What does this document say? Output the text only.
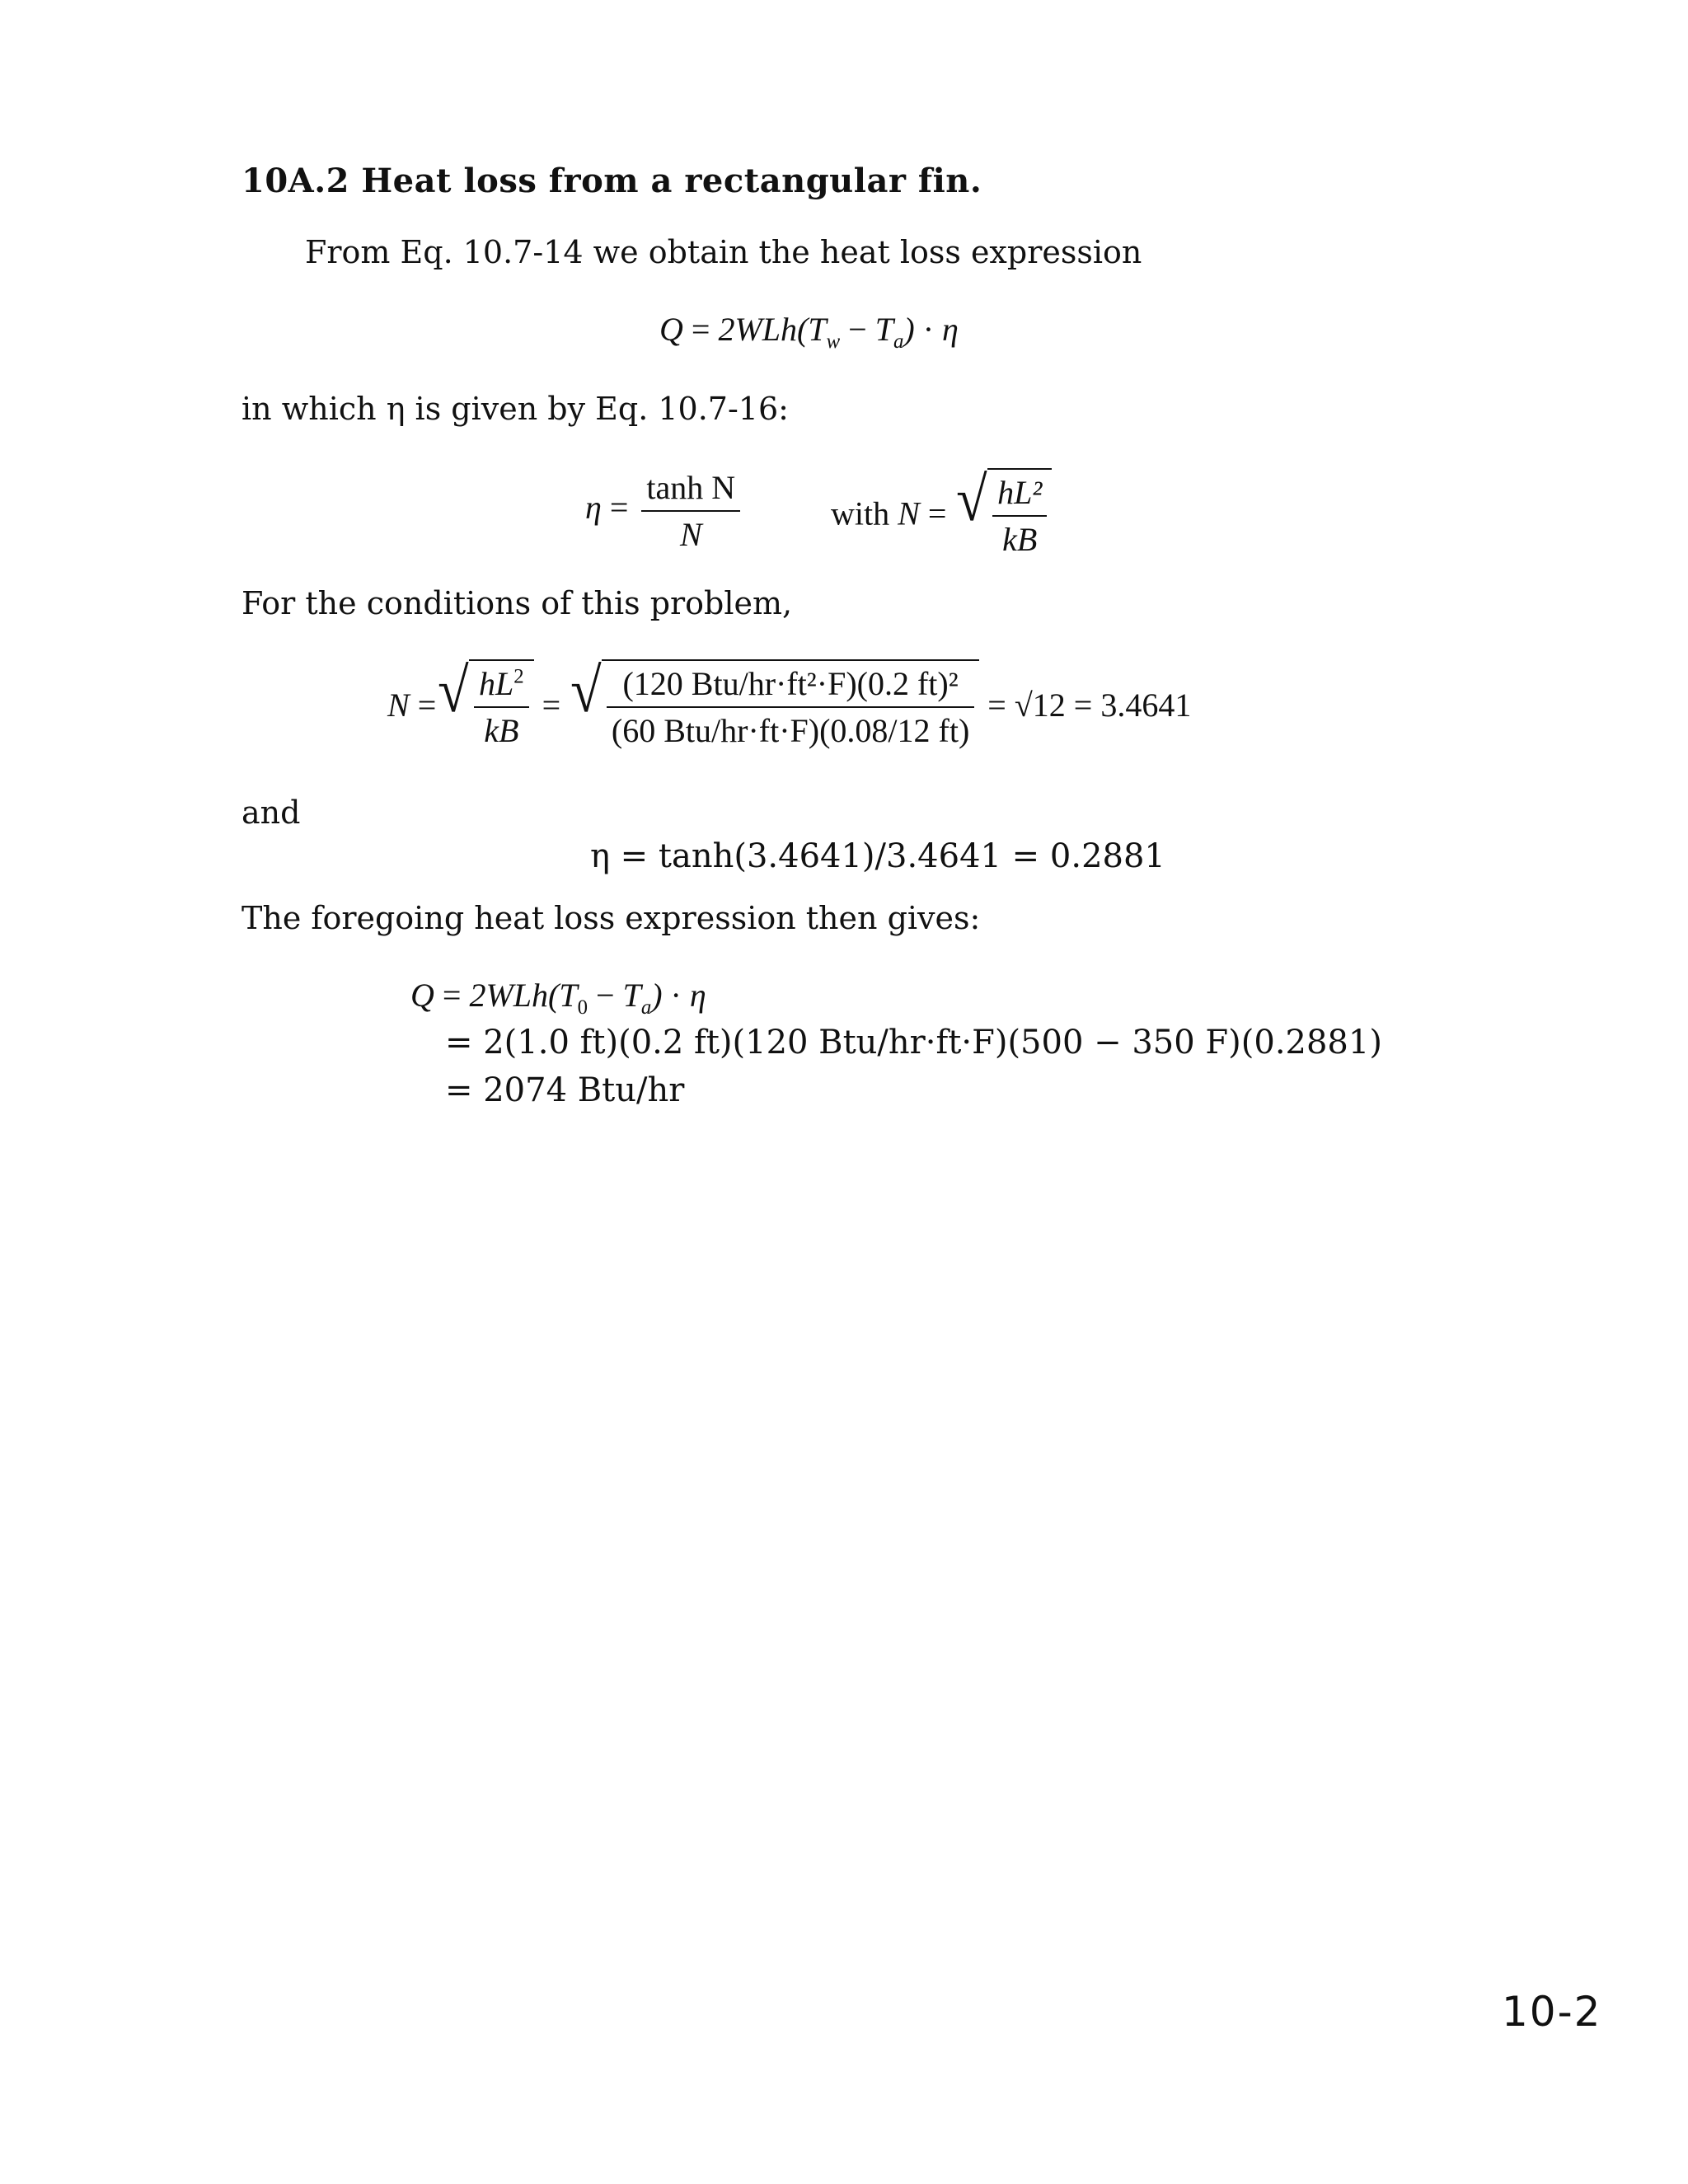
10A.2 Heat loss from a rectangular fin.
From Eq. 10.7-14 we obtain the heat loss expression
$Q = 2WLh(T_w - T_a) \cdot \eta$
in which η is given by Eq. 10.7-16:
$\eta = \frac{\text{tanh N}}{N}$	with N = √ $\frac{\text{hL²}}{kB}$
For the conditions of this problem,
N = √ $\frac{hL^2}{kB}$ = √ $\frac{\text{(120 Btu/hr·ft²·F)(0.2 ft)²}}{\text{(60 Btu/hr·ft·F)(0.08/12 ft)}} = √12 = 3.4641$
and
η = tanh(3.4641)/3.4641 = 0.2881
The foregoing heat loss expression then gives:
$Q = 2WLh(T_0 - T_a) \cdot \eta$
= 2(1.0 ft)(0.2 ft)(120 Btu/hr·ft·F)(500 − 350 F)(0.2881)
= 2074 Btu/hr
10-2
